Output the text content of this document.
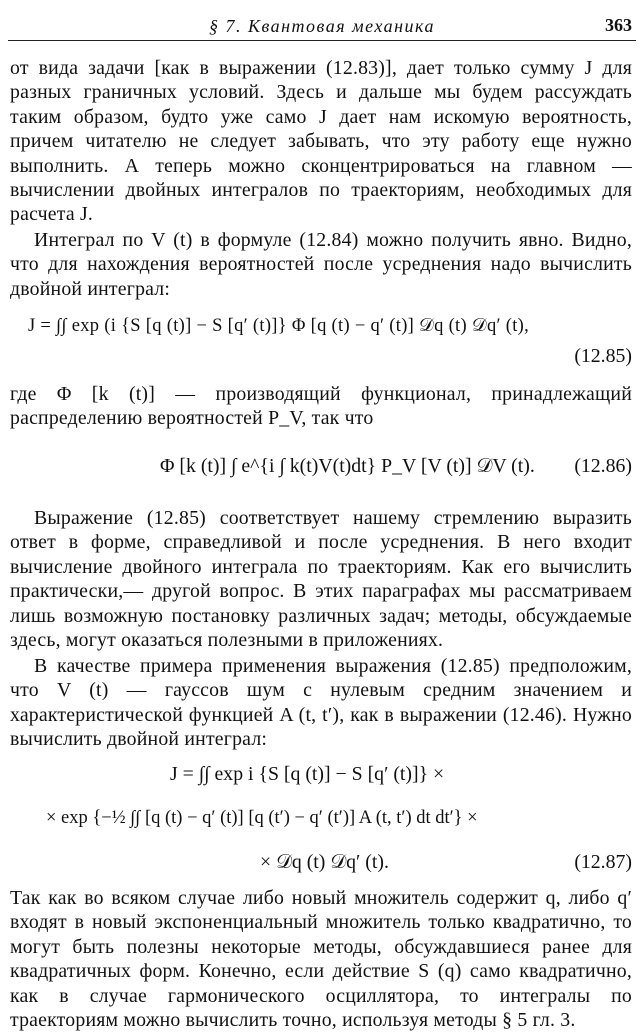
§ 7. Квантовая механика	363

от вида задачи [как в выражении (12.83)], дает только сумму J для разных граничных условий. Здесь и дальше мы будем рассуждать таким образом, будто уже само J дает нам искомую вероятность, причем читателю не следует забывать, что эту работу еще нужно выполнить. А теперь можно сконцентрироваться на главном — вычислении двойных интегралов по траекториям, необходимых для расчета J.

Интеграл по V (t) в формуле (12.84) можно получить явно. Видно, что для нахождения вероятностей после усреднения надо вычислить двойной интеграл:

J = ∫∫ exp (i {S [q (t)] − S [q′ (t)]} Φ [q (t) − q′ (t)] 𝒟q (t) 𝒟q′ (t),
(12.85)

где Φ [k (t)] — производящий функционал, принадлежащий распределению вероятностей P_V, так что

Φ [k (t)] ∫ e^{i ∫ k(t)V(t)dt} P_V [V (t)] 𝒟V (t). (12.86)

Выражение (12.85) соответствует нашему стремлению выразить ответ в форме, справедливой и после усреднения. В него входит вычисление двойного интеграла по траекториям. Как его вычислить практически,— другой вопрос. В этих параграфах мы рассматриваем лишь возможную постановку различных задач; методы, обсуждаемые здесь, могут оказаться полезными в приложениях.

В качестве примера применения выражения (12.85) предположим, что V (t) — гауссов шум с нулевым средним значением и характеристической функцией A (t, t′), как в выражении (12.46). Нужно вычислить двойной интеграл:

J = ∫∫ exp i {S [q (t)] − S [q′ (t)]} ×
× exp {−½ ∫∫ [q (t) − q′ (t)] [q (t′) − q′ (t′)] A (t, t′) dt dt′} ×
× 𝒟q (t) 𝒟q′ (t).	(12.87)

Так как во всяком случае либо новый множитель содержит q, либо q′ входят в новый экспоненциальный множитель только квадратично, то могут быть полезны некоторые методы, обсуждавшиеся ранее для квадратичных форм. Конечно, если действие S (q) само квадратично, как в случае гармонического осциллятора, то интегралы по траекториям можно вычислить точно, используя методы § 5 гл. 3.
